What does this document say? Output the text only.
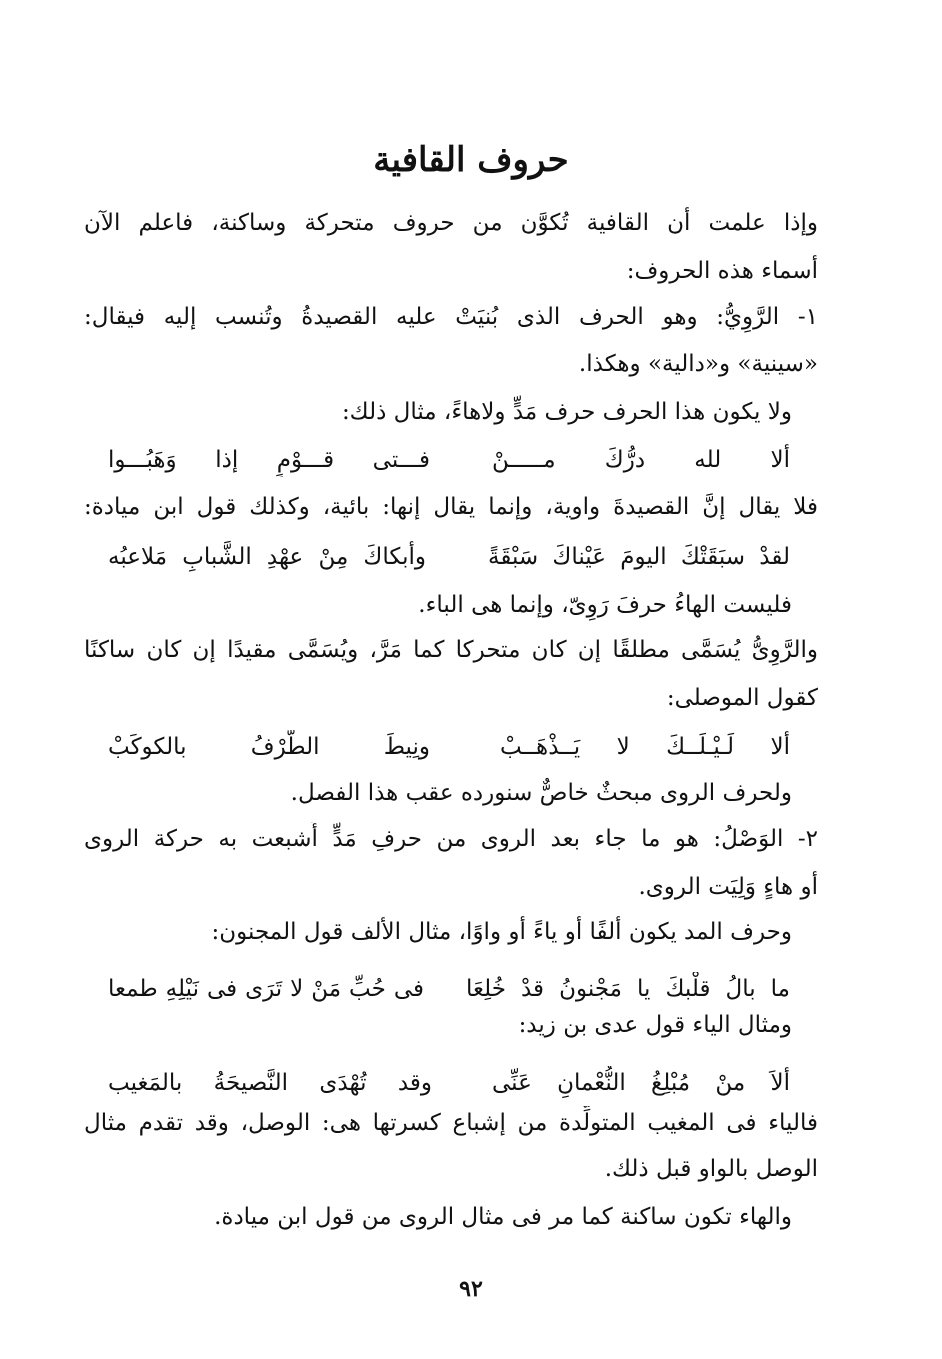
حروف القافية
وإذا علمت أن القافية تُكوَّن من حروف متحركة وساكنة، فاعلم الآن
أسماء هذه الحروف:
١- الرَّوِيُّ: وهو الحرف الذى بُنيَتْ عليه القصيدةُ وتُنسب إليه فيقال:
«سينية» و«دالية» وهكذا.
ولا يكون هذا الحرف حرف مَدٍّ ولاهاءً، مثال ذلك:
ألا لله درُّكَ مـــــنْ
فـــتى قـــوْمٍ إذا وَهَبُـــوا
فلا يقال إنَّ القصيدةَ واوية، وإنما يقال إنها: بائية، وكذلك قول ابن ميادة:
لقدْ سبَقَتْكَ اليومَ عَيْناكَ سَبْقَةً
وأبكاكَ مِنْ عهْدِ الشَّبابِ مَلاعبُه
فليست الهاءُ حرفَ رَوِىّ، وإنما هى الباء.
والرَّوِىُّ يُسَمَّى مطلقًا إن كان متحركا كما مَرَّ، ويُسَمَّى مقيدًا إن كان ساكنًا
كقول الموصلى:
ألا لَـيْـلَــكَ لا يَــذْهَــبْ
ونِيطَ الطَّرْفُ بالكوكَبْ
ولحرف الروى مبحثٌ خاصٌّ سنورده عقب هذا الفصل.
٢- الوَصْلُ: هو ما جاء بعد الروى من حرفِ مَدٍّ أُشبعت به حركة الروى
أو هاءٍ وَلِيَت الروى.
وحرف المد يكون ألفًا أو ياءً أو واوًا، مثال الألف قول المجنون:
ما بالُ قلْبكَ يا مَجْنونُ قدْ خُلِعَا
فى حُبِّ مَنْ لا تَرَى فى نَيْلِهِ طمعا
ومثال الياء قول عدى بن زيد:
ألاَ منْ مُبْلِغُ النُّعْمانِ عَنِّى
وقد تُهْدَى النَّصيحَةُ بالمَغيب
فالياء فى المغيب المتولِّدة من إشباع كسرتها هى: الوصل، وقد تقدم مثال
الوصل بالواو قبل ذلك.
والهاء تكون ساكنة كما مر فى مثال الروى من قول ابن ميادة.
٩٢
